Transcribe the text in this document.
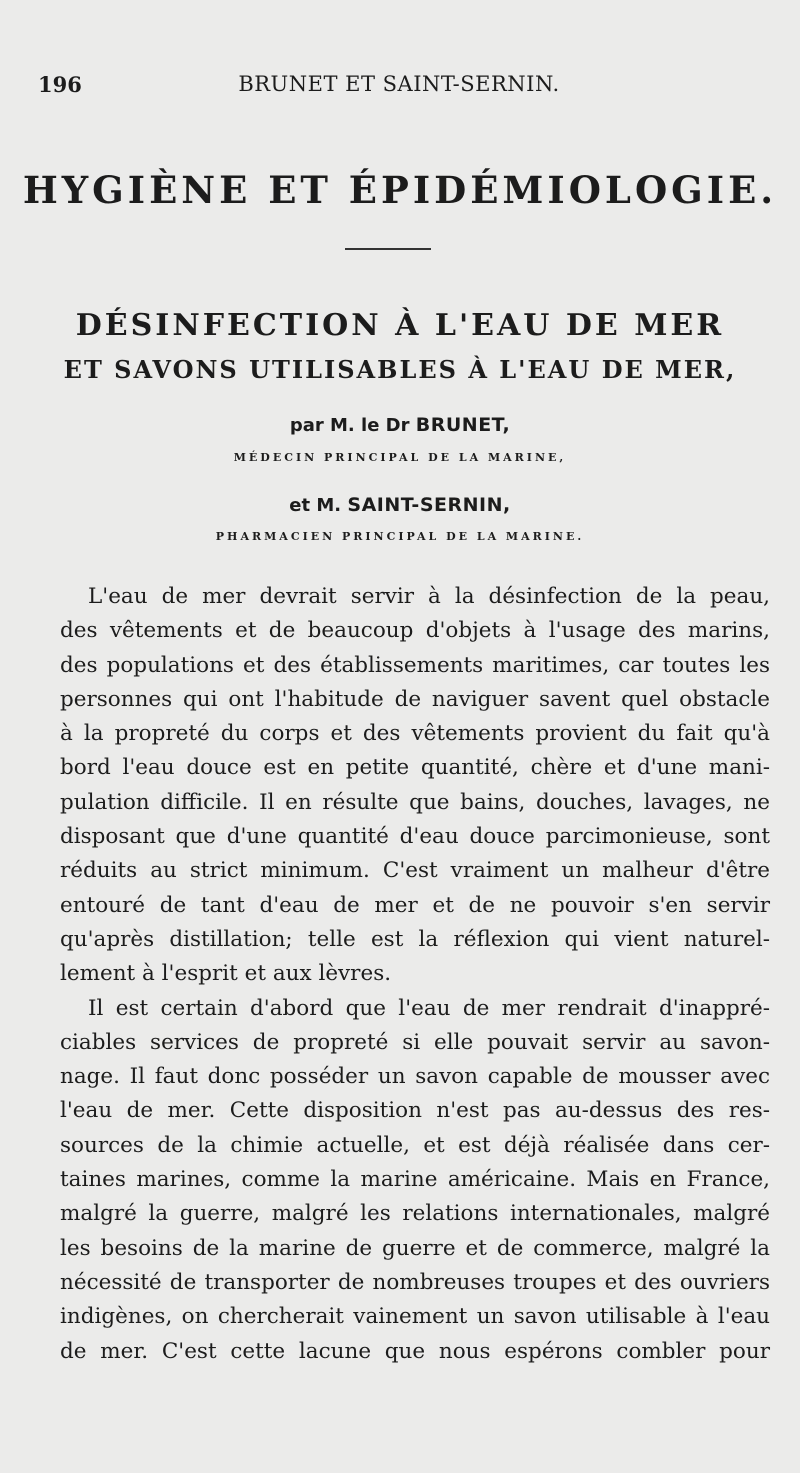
196	BRUNET ET SAINT-SERNIN.
HYGIÈNE ET ÉPIDÉMIOLOGIE.
DÉSINFECTION À L'EAU DE MER
ET SAVONS UTILISABLES À L'EAU DE MER,
par M. le Dr BRUNET,
MÉDECIN PRINCIPAL DE LA MARINE,
et M. SAINT-SERNIN,
PHARMACIEN PRINCIPAL DE LA MARINE.
L'eau de mer devrait servir à la désinfection de la peau,
des vêtements et de beaucoup d'objets à l'usage des marins,
des populations et des établissements maritimes, car toutes les
personnes qui ont l'habitude de naviguer savent quel obstacle
à la propreté du corps et des vêtements provient du fait qu'à
bord l'eau douce est en petite quantité, chère et d'une mani-
pulation difficile. Il en résulte que bains, douches, lavages, ne
disposant que d'une quantité d'eau douce parcimonieuse, sont
réduits au strict minimum. C'est vraiment un malheur d'être
entouré de tant d'eau de mer et de ne pouvoir s'en servir
qu'après distillation; telle est la réflexion qui vient naturel-
lement à l'esprit et aux lèvres.
Il est certain d'abord que l'eau de mer rendrait d'inappré-
ciables services de propreté si elle pouvait servir au savon-
nage. Il faut donc posséder un savon capable de mousser avec
l'eau de mer. Cette disposition n'est pas au-dessus des res-
sources de la chimie actuelle, et est déjà réalisée dans cer-
taines marines, comme la marine américaine. Mais en France,
malgré la guerre, malgré les relations internationales, malgré
les besoins de la marine de guerre et de commerce, malgré la
nécessité de transporter de nombreuses troupes et des ouvriers
indigènes, on chercherait vainement un savon utilisable à l'eau
de mer. C'est cette lacune que nous espérons combler pour
